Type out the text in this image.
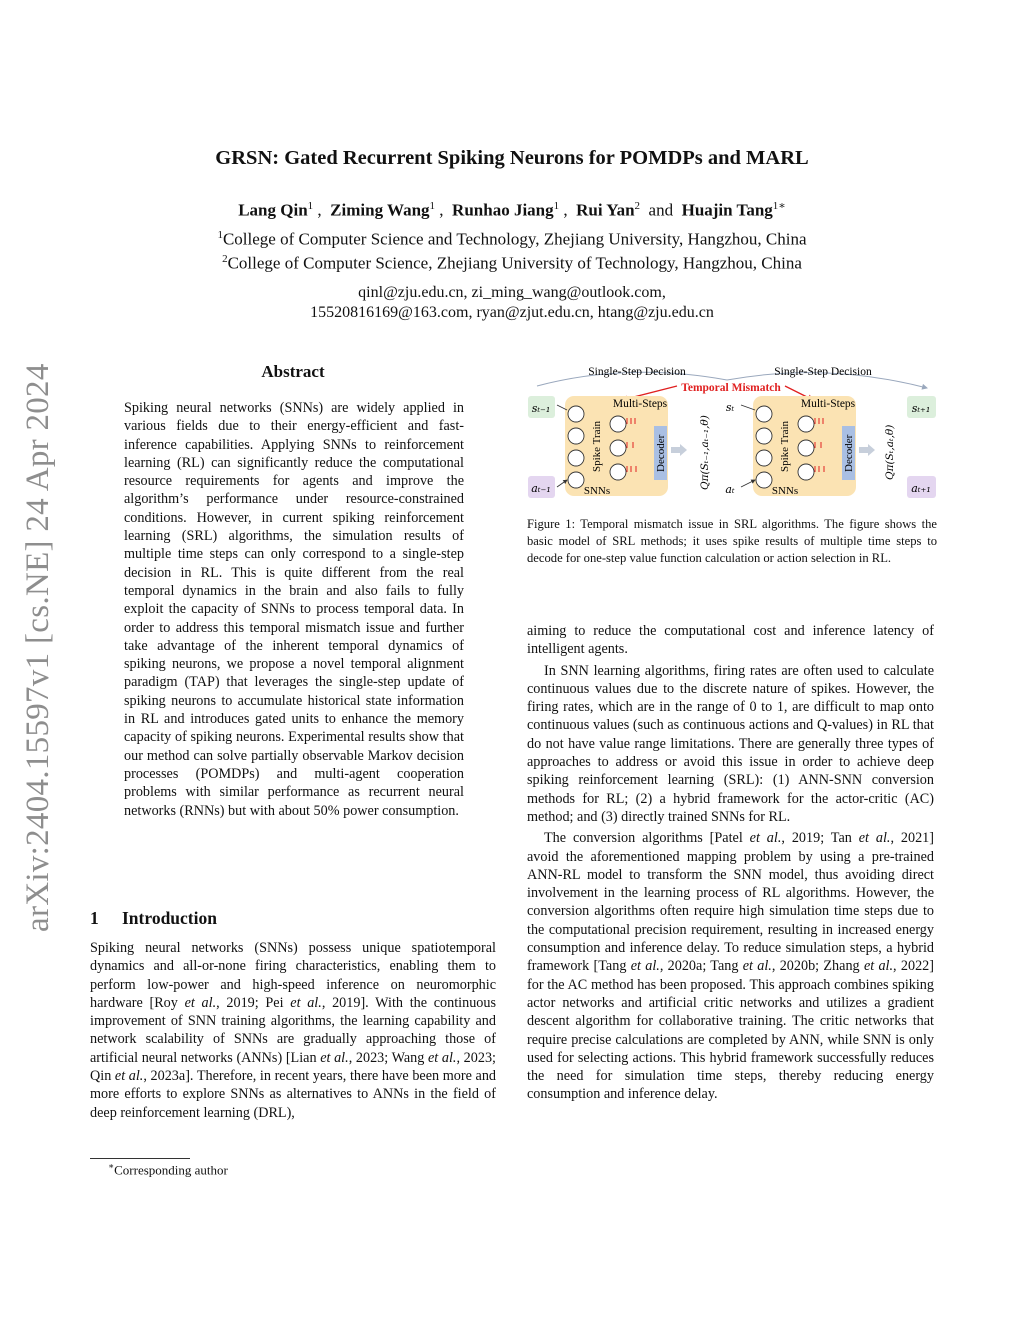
arXiv:2404.15597v1 [cs.NE] 24 Apr 2024
GRSN: Gated Recurrent Spiking Neurons for POMDPs and MARL
Lang Qin$^1$ ,  Ziming Wang$^1$ ,  Runhao Jiang$^1$ ,  Rui Yan$^2$ and Huajin Tang$^{1∗}$
$^1$College of Computer Science and Technology, Zhejiang University, Hangzhou, China
$^2$College of Computer Science, Zhejiang University of Technology, Hangzhou, China
qinl@zju.edu.cn, zi_ming_wang@outlook.com,
15520816169@163.com, ryan@zjut.edu.cn, htang@zju.edu.cn
Abstract

Spiking neural networks (SNNs) are widely applied in various fields due to their energy-efficient and fast-inference capabilities. Applying SNNs to reinforcement learning (RL) can significantly reduce the computational resource requirements for agents and improve the algorithm’s performance under resource-constrained conditions. However, in current spiking reinforcement learning (SRL) algorithms, the simulation results of multiple time steps can only correspond to a single-step decision in RL. This is quite different from the real temporal dynamics in the brain and also fails to fully exploit the capacity of SNNs to process temporal data. In order to address this temporal mismatch issue and further take advantage of the inherent temporal dynamics of spiking neurons, we propose a novel temporal alignment paradigm (TAP) that leverages the single-step update of spiking neurons to accumulate historical state information in RL and introduces gated units to enhance the memory capacity of spiking neurons. Experimental results show that our method can solve partially observable Markov decision processes (POMDPs) and multi-agent cooperation problems with similar performance as recurrent neural networks (RNNs) but with about 50% power consumption.

1 Introduction

Spiking neural networks (SNNs) possess unique spatiotemporal dynamics and all-or-none firing characteristics, enabling them to perform low-power and high-speed inference on neuromorphic hardware [Roy et al., 2019; Pei et al., 2019]. With the continuous improvement of SNN training algorithms, the learning capability and network scalability of SNNs are gradually approaching those of artificial neural networks (ANNs) [Lian et al., 2023; Wang et al., 2023; Qin et al., 2023a]. Therefore, in recent years, there have been more and more efforts to explore SNNs as alternatives to ANNs in the field of deep reinforcement learning (DRL),

∗Corresponding author
Single-Step Decision	Single-Step Decision
Temporal Mismatch
𝑠ₜ₋₁
𝑎ₜ₋₁
Multi-Steps
Spike Train	Decoder
SNNs
Qπ(Sₜ₋₁,aₜ₋₁,θ)
𝑠ₜ
𝑎ₜ
Multi-Steps
Spike Train	Decoder
SNNs
Qπ(Sₜ,aₜ,θ)
𝑠ₜ₊₁
𝑎ₜ₊₁
Figure 1: Temporal mismatch issue in SRL algorithms. The figure shows the basic model of SRL methods; it uses spike results of multiple time steps to decode for one-step value function calculation or action selection in RL.

aiming to reduce the computational cost and inference latency of intelligent agents.

In SNN learning algorithms, firing rates are often used to calculate continuous values due to the discrete nature of spikes. However, the firing rates, which are in the range of 0 to 1, are difficult to map onto continuous values (such as continuous actions and Q-values) in RL that do not have value range limitations. There are generally three types of approaches to address or avoid this issue in order to achieve deep spiking reinforcement learning (SRL): (1) ANN-SNN conversion methods for RL; (2) a hybrid framework for the actor-critic (AC) method; and (3) directly trained SNNs for RL.

The conversion algorithms [Patel et al., 2019; Tan et al., 2021] avoid the aforementioned mapping problem by using a pre-trained ANN-RL model to transform the SNN model, thus avoiding direct involvement in the learning process of RL algorithms. However, the conversion algorithms often require high simulation time steps due to the computational precision requirement, resulting in increased energy consumption and inference delay. To reduce simulation steps, a hybrid framework [Tang et al., 2020a; Tang et al., 2020b; Zhang et al., 2022] for the AC method has been proposed. This approach combines spiking actor networks and artificial critic networks and utilizes a gradient descent algorithm for collaborative training. The critic networks that require precise calculations are completed by ANN, while SNN is only used for selecting actions. This hybrid framework successfully reduces the need for simulation time steps, thereby reducing energy consumption and inference delay.
